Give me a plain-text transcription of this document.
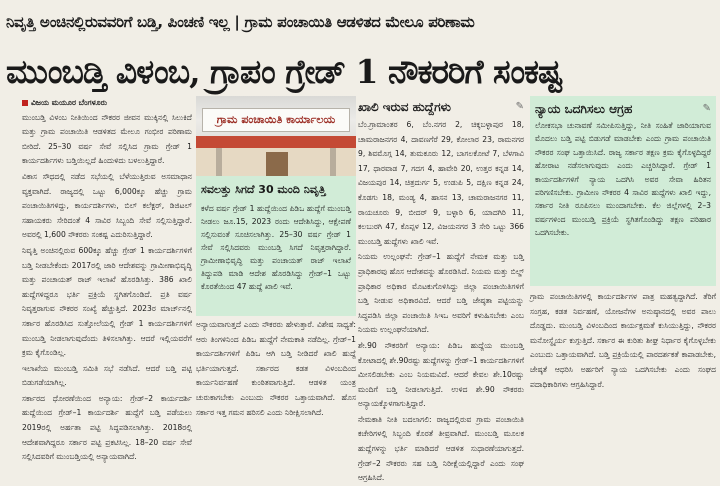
ನಿವೃತ್ತಿ ಅಂಚಿನಲ್ಲಿರುವವರಿಗೆ ಬಡ್ತಿ, ಪಿಂಚಣಿ ಇಲ್ಲ | ಗ್ರಾಮ ಪಂಚಾಯಿತಿ ಆಡಳಿತದ ಮೇಲೂ ಪರಿಣಾಮ
ಮುಂಬಡ್ತಿ ವಿಳಂಬ, ಗ್ರಾಪಂ ಗ್ರೇಡ್‌ 1 ನೌಕರರಿಗೆ ಸಂಕಷ್ಟ
ವಿಜಯ ಮಯೂರ ಬೆಂಗಳೂರು

ಮುಂಬಡ್ತಿ ವಿಳಂಬ ನೀತಿಯಿಂದ ನೌಕರರ ಜೀವನ ಮುಕ್ಕಿನಲ್ಲಿ ಸಿಲುಕಿದೆ ಮತ್ತು ಗ್ರಾಮ ಪಂಚಾಯಿತಿ ಆಡಳಿತದ ಮೇಲೂ ಗಂಭೀರ ಪರಿಣಾಮ ಬೀರಿದೆ. 25–30 ವರ್ಷ ಸೇವೆ ಸಲ್ಲಿಸಿದ ಗ್ರಾಮ ಗ್ರೇಡ್ 1 ಕಾರ್ಯದರ್ಶಿಗಳು ಬಡ್ತಿಯಿಲ್ಲದೆ ಹಿಂದುಳಿದು ಬಳಲುತ್ತಿದ್ದಾರೆ.

ವಿಕಾಸ ಸೌಧದಲ್ಲಿ ನಡೆದ ಸಭೆಯಲ್ಲಿ ಬೆಳೆಯುತ್ತಿರುವ ಅಸಮಾಧಾನ ವ್ಯಕ್ತವಾಗಿದೆ. ರಾಜ್ಯದಲ್ಲಿ ಒಟ್ಟು 6,000ಕ್ಕೂ ಹೆಚ್ಚು ಗ್ರಾಮ ಪಂಚಾಯಿತಿಗಳಿದ್ದು, ಕಾರ್ಯದರ್ಶಿಗಳು, ಬಿಲ್ ಕಲೆಕ್ಟರ್, ಡಿಜಿಟಲ್ ಸಹಾಯಕರು ಸೇರಿದಂತೆ 4 ಸಾವಿರ ಸಿಬ್ಬಂದಿ ಸೇವೆ ಸಲ್ಲಿಸುತ್ತಿದ್ದಾರೆ. ಅವರಲ್ಲಿ 1,600 ನೌಕರರು ಸಂಕಷ್ಟ ಎದುರಿಸುತ್ತಿದ್ದಾರೆ.

ನಿವೃತ್ತಿ ಅಂಚಿನಲ್ಲಿರುವ 600ಕ್ಕೂ ಹೆಚ್ಚು ಗ್ರೇಡ್ 1 ಕಾರ್ಯದರ್ಶಿಗಳಿಗೆ ಬಡ್ತಿ ನೀಡಬೇಕೆಂದು 2017ರಲ್ಲಿ ಜಾರಿ ಆದೇಶವನ್ನು ಗ್ರಾಮೀಣಾಭಿವೃದ್ಧಿ ಮತ್ತು ಪಂಚಾಯತ್ ರಾಜ್ ಇಲಾಖೆ ಹೊರಡಿಸಿತ್ತು. 386 ಖಾಲಿ ಹುದ್ದೆಗಳಿದ್ದರೂ ಭರ್ತಿ ಪ್ರಕ್ರಿಯೆ ಸ್ಥಗಿತಗೊಂಡಿದೆ. ಪ್ರತಿ ವರ್ಷ ನಿವೃತ್ತರಾಗುವ ನೌಕರರ ಸಂಖ್ಯೆ ಹೆಚ್ಚುತ್ತಿದೆ. 2023ರ ಮಾರ್ಚ್‌ನಲ್ಲಿ ಸರ್ಕಾರ ಹೊರಡಿಸಿದ ಸುತ್ತೋಲೆಯಲ್ಲಿ ಗ್ರೇಡ್ 1 ಕಾರ್ಯದರ್ಶಿಗಳಿಗೆ ಮುಂಬಡ್ತಿ ನೀಡಲಾಗುವುದೆಂದು ತಿಳಿಸಲಾಗಿತ್ತು. ಆದರೆ ಇಲ್ಲಿಯವರೆಗೆ ಕ್ರಮ ಕೈಗೊಂಡಿಲ್ಲ.

ಇಲಾಖೆಯ ಮುಂಬಡ್ತಿ ಸಮಿತಿ ಸಭೆ ನಡೆಸಿದೆ. ಆದರೆ ಬಡ್ತಿ ಪಟ್ಟಿ ಬಿಡುಗಡೆಯಾಗಿಲ್ಲ.

ಸರ್ಕಾರದ ಧೋರಣೆಯಿಂದ ಅನ್ಯಾಯ: ಗ್ರೇಡ್–2 ಕಾರ್ಯದರ್ಶಿ ಹುದ್ದೆಯಿಂದ ಗ್ರೇಡ್–1 ಕಾರ್ಯದರ್ಶಿ ಹುದ್ದೆಗೆ ಬಡ್ತಿ ಪಡೆಯಲು 2019ರಲ್ಲಿ ಅರ್ಹತಾ ಪಟ್ಟಿ ಸಿದ್ಧಪಡಿಸಲಾಗಿತ್ತು. 2018ರಲ್ಲಿ ಆದೇಶವಾಗಿದ್ದರೂ ಸರ್ಕಾರ ಪಟ್ಟಿ ಪ್ರಕಟಿಸಿಲ್ಲ. 18–20 ವರ್ಷ ಸೇವೆ ಸಲ್ಲಿಸಿದವರಿಗೆ ಮುಂಬಡ್ತಿಯಲ್ಲಿ ಅನ್ಯಾಯವಾಗಿದೆ.

ಗ್ರಾಮ ಪಂಚಾಯಿತಿ ಕಾರ್ಯಾಲಯ
ಸವಲತ್ತು ಸಿಗದೆ 30 ಮಂದಿ ನಿವೃತ್ತಿ
ಕಳೆದ ವರ್ಷ ಗ್ರೇಡ್ 1 ಹುದ್ದೆಯಿಂದ ಪಿಡಿಒ ಹುದ್ದೆಗೆ ಮುಂಬಡ್ತಿ ನೀಡಲು ಜೂ.15, 2023 ರಂದು ಆದೇಶಿಸಿದ್ದು, ಆಕ್ಷೇಪಣೆ ಸಲ್ಲಿಸುವಂತೆ ಸೂಚಿಸಲಾಗಿತ್ತು. 25–30 ವರ್ಷ ಗ್ರೇಡ್ 1 ಸೇವೆ ಸಲ್ಲಿಸಿದವರು ಮುಂಬಡ್ತಿ ಸಿಗದೆ ನಿವೃತ್ತರಾಗಿದ್ದಾರೆ. ಗ್ರಾಮೀಣಾಭಿವೃದ್ಧಿ ಮತ್ತು ಪಂಚಾಯತ್ ರಾಜ್ ಇಲಾಖೆ ತಿದ್ದುಪಡಿ ಮಾಡಿ ಆದೇಶ ಹೊರಡಿಸಿದ್ದು ಗ್ರೇಡ್–1 ಒಟ್ಟು ಕೊರತೆಯಿಂದ 47 ಹುದ್ದೆ ಖಾಲಿ ಇವೆ.
ಅನ್ಯಾಯವಾಗುತ್ತದೆ ಎಂದು ನೌಕರರು ಹೇಳುತ್ತಾರೆ. ವಿಶೇಷ ಸಾಧ್ಯತೆ: ಆರು ತಿಂಗಳಿನಿಂದ ಪಿಡಿಒ ಹುದ್ದೆಗೆ ನೇಮಕಾತಿ ನಡೆದಿಲ್ಲ. ಗ್ರೇಡ್–1 ಕಾರ್ಯದರ್ಶಿಗಳಿಗೆ ಪಿಡಿಒ ಆಗಿ ಬಡ್ತಿ ನೀಡಿದರೆ ಖಾಲಿ ಹುದ್ದೆ ಭರ್ತಿಯಾಗುತ್ತದೆ. ಸರ್ಕಾರದ ಕಡತ ವಿಳಂಬದಿಂದ ಕಾರ್ಯನಿರ್ವಹಣೆ ಕುಂಠಿತವಾಗುತ್ತಿದೆ. ಆಡಳಿತ ಯಂತ್ರ ಚುರುಕಾಗಬೇಕು ಎಂಬುದು ನೌಕರರ ಒತ್ತಾಯವಾಗಿದೆ. ಹೊಸ ಸರ್ಕಾರ ಇತ್ತ ಗಮನ ಹರಿಸಲಿ ಎಂದು ನಿರೀಕ್ಷಿಸಲಾಗಿದೆ.
ಖಾಲಿ ಇರುವ ಹುದ್ದೆಗಳು	✎

ಬೆಂ.ಗ್ರಾಮಾಂತರ 6, ಬೆಂ.ನಗರ 2, ಚಿಕ್ಕಬಳ್ಳಾಪುರ 18, ಚಾಮರಾಜನಗರ 4, ದಾವಣಗೆರೆ 29, ಕೋಲಾರ 23, ರಾಮನಗರ 9, ಶಿವಮೊಗ್ಗ 14, ತುಮಕೂರು 12, ಬಾಗಲಕೋಟೆ 7, ಬೆಳಗಾವಿ 17, ಧಾರವಾಡ 7, ಗದಗ 4, ಹಾವೇರಿ 20, ಉತ್ತರ ಕನ್ನಡ 14, ವಿಜಯಪುರ 14, ಚಿತ್ರದುರ್ಗ 5, ಉಡುಪಿ 5, ದಕ್ಷಿಣ ಕನ್ನಡ 24, ಕೊಡಗು 18, ಮಂಡ್ಯ 4, ಹಾಸನ 13, ಚಾಮರಾಜನಗರ 11, ರಾಯಚೂರು 9, ಬೀದರ್ 9, ಬಳ್ಳಾರಿ 6, ಯಾದಗಿರಿ 11, ಕಲಬುರಗಿ 47, ಕೊಪ್ಪಳ 12, ವಿಜಯನಗರ 3 ಸೇರಿ ಒಟ್ಟು 366 ಮುಂಬಡ್ತಿ ಹುದ್ದೆಗಳು ಖಾಲಿ ಇವೆ.

ನಿಯಮ ಉಲ್ಲಂಘನೆ: ಗ್ರೇಡ್–1 ಹುದ್ದೆಗೆ ನೇಮಕ ಮತ್ತು ಬಡ್ತಿ ಪ್ರಾಧಿಕಾರವು ಹೊಸ ಆದೇಶವನ್ನು ಹೊರಡಿಸಿದೆ. ನಿಯಮ ಮತ್ತು ಬಿಲ್ಡ್ ಪ್ರಾಧಿಕಾರ ಅಧಿಕಾರ ಮೊಟಕುಗೊಳಿಸಿದ್ದು ಜಿಲ್ಲಾ ಪಂಚಾಯಿತಿಗಳಿಗೆ ಬಡ್ತಿ ನೀಡುವ ಅಧಿಕಾರವಿದೆ. ಆದರೆ ಬಡ್ತಿ ಜೇಷ್ಠತಾ ಪಟ್ಟಿಯನ್ನು ಸಿದ್ಧಪಡಿಸಿ ಜಿಲ್ಲಾ ಪಂಚಾಯಿತಿ ಸಿಇಒ ಅವರಿಗೆ ಕಳುಹಿಸಬೇಕು ಎಂಬ ನಿಯಮ ಉಲ್ಲಂಘನೆಯಾಗಿದೆ.

ಶೇ.90 ನೌಕರರಿಗೆ ಅನ್ಯಾಯ: ಪಿಡಿಒ ಹುದ್ದೆಯ ಮುಂಬಡ್ತಿ ಕೋಟಾದಲ್ಲಿ ಶೇ.90ರಷ್ಟು ಹುದ್ದೆಗಳನ್ನು ಗ್ರೇಡ್–1 ಕಾರ್ಯದರ್ಶಿಗಳಿಗೆ ಮೀಸಲಿಡಬೇಕು ಎಂಬ ನಿಯಮವಿದೆ. ಆದರೆ ಕೇವಲ ಶೇ.10ರಷ್ಟು ಮಂದಿಗೆ ಬಡ್ತಿ ನೀಡಲಾಗುತ್ತಿದೆ. ಉಳಿದ ಶೇ.90 ನೌಕರರು ಅನ್ಯಾಯಕ್ಕೊಳಗಾಗುತ್ತಿದ್ದಾರೆ.

ನೇಮಕಾತಿ ನೀತಿ ಬದಲಾಗಲಿ: ರಾಜ್ಯದಲ್ಲಿರುವ ಗ್ರಾಮ ಪಂಚಾಯಿತಿ ಕಚೇರಿಗಳಲ್ಲಿ ಸಿಬ್ಬಂದಿ ಕೊರತೆ ತೀವ್ರವಾಗಿದೆ. ಮುಂಬಡ್ತಿ ಮೂಲಕ ಹುದ್ದೆಗಳನ್ನು ಭರ್ತಿ ಮಾಡಿದರೆ ಆಡಳಿತ ಸುಧಾರಣೆಯಾಗುತ್ತದೆ. ಗ್ರೇಡ್–2 ನೌಕರರು ಸಹ ಬಡ್ತಿ ನಿರೀಕ್ಷೆಯಲ್ಲಿದ್ದಾರೆ ಎಂದು ಸಂಘ ಆಗ್ರಹಿಸಿದೆ.

ನ್ಯಾಯ ಒದಗಿಸಲು ಆಗ್ರಹ	✎
ಲೋಕಸಭಾ ಚುನಾವಣೆ ಸಮೀಪಿಸುತ್ತಿದ್ದು, ನೀತಿ ಸಂಹಿತೆ ಜಾರಿಯಾಗುವ ಮೊದಲು ಬಡ್ತಿ ಪಟ್ಟಿ ಬಿಡುಗಡೆ ಮಾಡಬೇಕು ಎಂದು ಗ್ರಾಮ ಪಂಚಾಯಿತಿ ನೌಕರರ ಸಂಘ ಒತ್ತಾಯಿಸಿದೆ. ರಾಜ್ಯ ಸರ್ಕಾರ ತಕ್ಷಣ ಕ್ರಮ ಕೈಗೊಳ್ಳದಿದ್ದರೆ ಹೋರಾಟ ನಡೆಸಲಾಗುವುದು ಎಂದು ಎಚ್ಚರಿಸಿದ್ದಾರೆ. ಗ್ರೇಡ್ 1 ಕಾರ್ಯದರ್ಶಿಗಳಿಗೆ ನ್ಯಾಯ ಒದಗಿಸಿ ಅವರ ಸೇವಾ ಹಿರಿತನ ಪರಿಗಣಿಸಬೇಕು. ಗ್ರಾಮೀಣ ನೌಕರರ 4 ಸಾವಿರ ಹುದ್ದೆಗಳು ಖಾಲಿ ಇದ್ದು, ಸರ್ಕಾರ ನೀತಿ ರೂಪಿಸಲು ಮುಂದಾಗಬೇಕು. ಕೆಲ ಜಿಲ್ಲೆಗಳಲ್ಲಿ 2–3 ವರ್ಷಗಳಿಂದ ಮುಂಬಡ್ತಿ ಪ್ರಕ್ರಿಯೆ ಸ್ಥಗಿತಗೊಂಡಿದ್ದು ತಕ್ಷಣ ಪರಿಹಾರ ಒದಗಿಸಬೇಕು.
ಗ್ರಾಮ ಪಂಚಾಯಿತಿಗಳಲ್ಲಿ ಕಾರ್ಯದರ್ಶಿಗಳ ಪಾತ್ರ ಮಹತ್ವದ್ದಾಗಿದೆ. ತೆರಿಗೆ ಸಂಗ್ರಹ, ಕಡತ ನಿರ್ವಹಣೆ, ಯೋಜನೆಗಳ ಅನುಷ್ಠಾನದಲ್ಲಿ ಅವರ ಪಾಲು ದೊಡ್ಡದು. ಮುಂಬಡ್ತಿ ವಿಳಂಬದಿಂದ ಕಾರ್ಯಕ್ಷಮತೆ ಕುಸಿಯುತ್ತಿದ್ದು, ನೌಕರರ ಮನೋಸ್ಥೈರ್ಯ ಕುಗ್ಗುತ್ತಿದೆ. ಸರ್ಕಾರ ಈ ಕುರಿತು ಶೀಘ್ರ ನಿರ್ಧಾರ ಕೈಗೊಳ್ಳಬೇಕು ಎಂಬುದು ಒತ್ತಾಯವಾಗಿದೆ. ಬಡ್ತಿ ಪ್ರಕ್ರಿಯೆಯಲ್ಲಿ ಪಾರದರ್ಶಕತೆ ಕಾಪಾಡಬೇಕು, ಜೇಷ್ಠತೆ ಆಧರಿಸಿ ಅರ್ಹರಿಗೆ ನ್ಯಾಯ ಒದಗಿಸಬೇಕು ಎಂದು ಸಂಘದ ಪದಾಧಿಕಾರಿಗಳು ಆಗ್ರಹಿಸಿದ್ದಾರೆ.
